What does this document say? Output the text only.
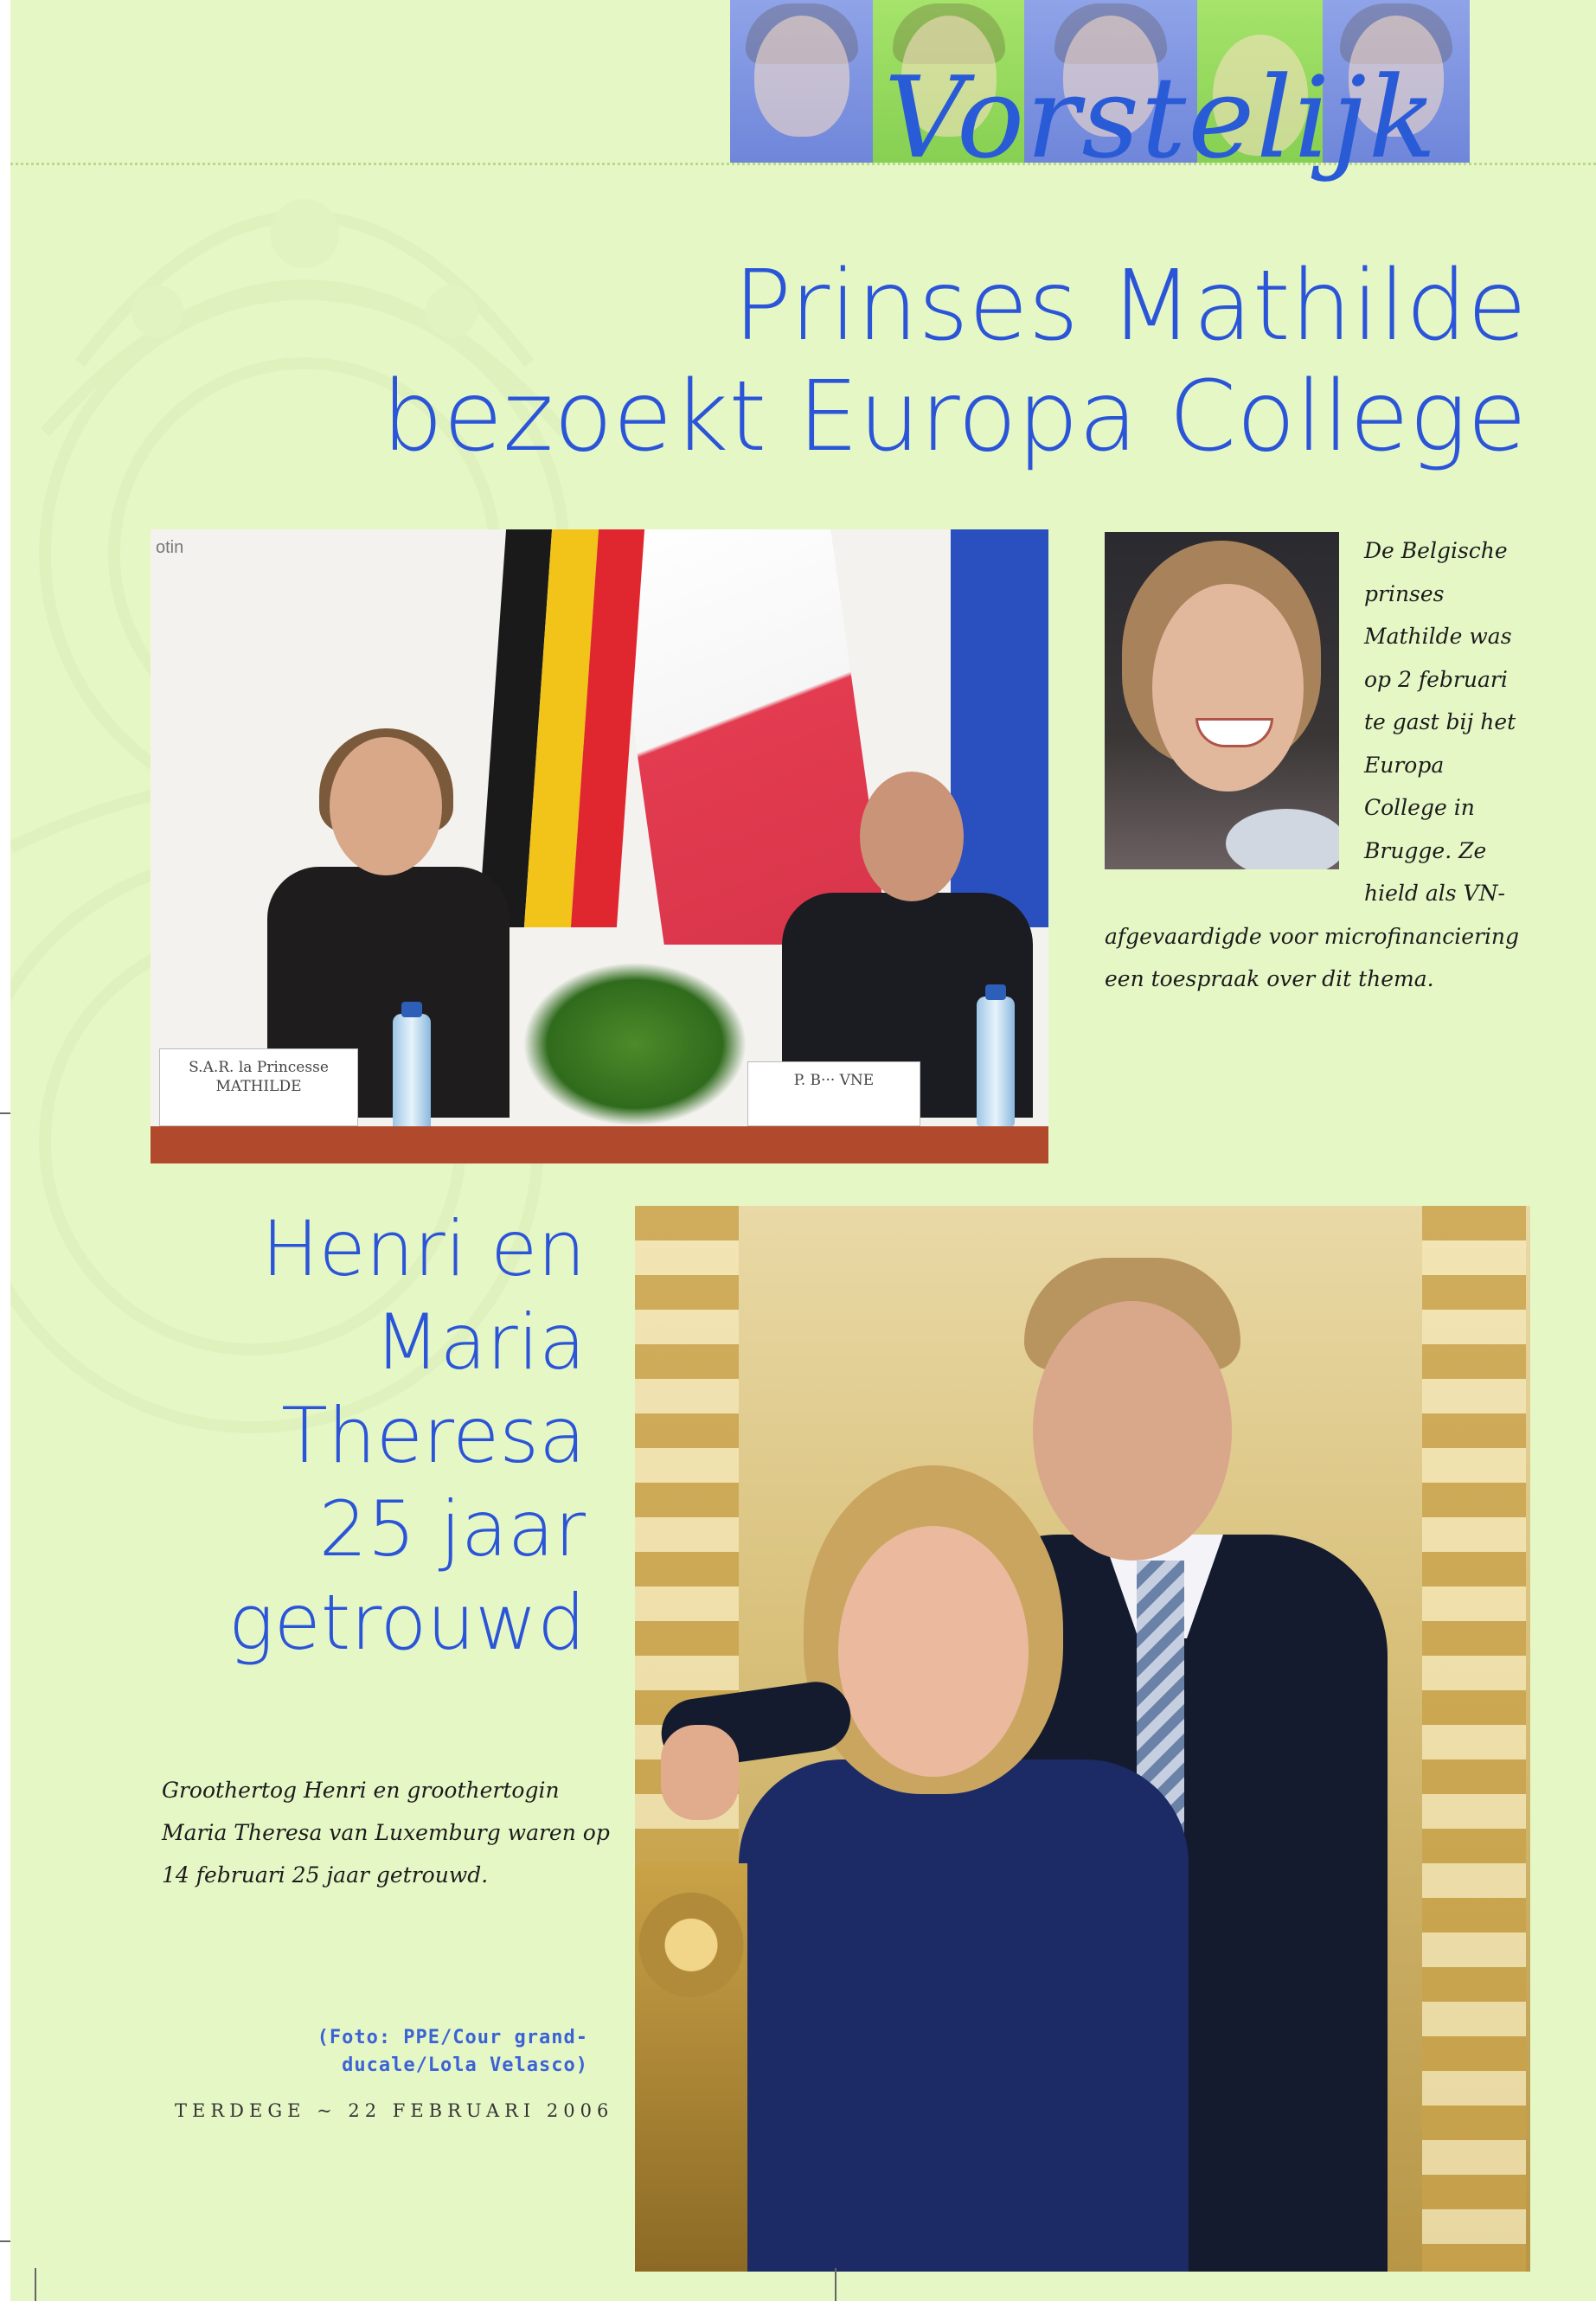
Vorstelijk
Prinses Mathilde
bezoekt Europa College
otin
S.A.R. la Princesse
MATHILDE	P. B··· VNE

De Belgische prinses Mathilde was op 2 februari te gast bij het Europa College in Brugge. Ze hield als VN-afgevaardigde voor microfinanciering een toespraak over dit thema.

Henri en
Maria
Theresa
25 jaar
getrouwd

Groothertog Henri en groothertogin Maria Theresa van Luxemburg waren op 14 februari 25 jaar getrouwd.

(Foto: PPE/Cour grand-
ducale/Lola Velasco)
TERDEGE ~ 22 FEBRUARI 2006
